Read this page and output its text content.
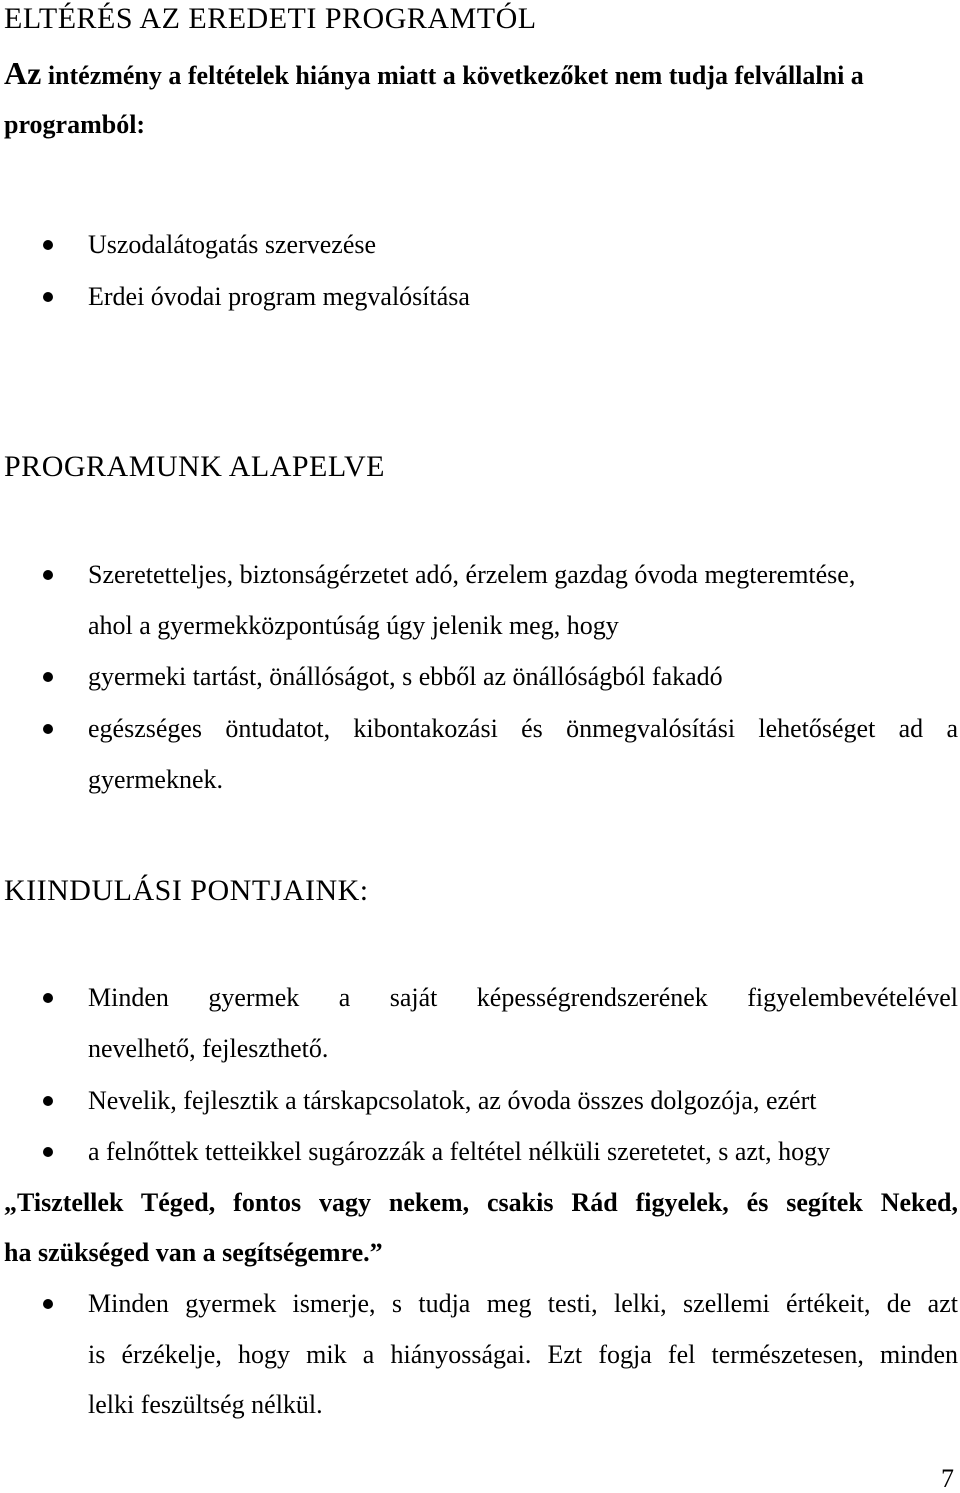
ELTÉRÉS AZ EREDETI PROGRAMTÓL
Az intézmény a feltételek hiánya miatt a következőket nem tudja felvállalni a
programból:
Uszodalátogatás szervezése
Erdei óvodai program megvalósítása
PROGRAMUNK ALAPELVE
Szeretetteljes, biztonságérzetet adó, érzelem gazdag óvoda megteremtése,
ahol a gyermekközpontúság úgy jelenik meg, hogy
gyermeki tartást, önállóságot, s ebből az önállóságból fakadó
egészséges öntudatot, kibontakozási és önmegvalósítási lehetőséget ad a
gyermeknek.
KIINDULÁSI PONTJAINK:
Minden gyermek a saját képességrendszerének figyelembevételével
nevelhető, fejleszthető.
Nevelik, fejlesztik a társkapcsolatok, az óvoda összes dolgozója, ezért
a felnőttek tetteikkel sugározzák a feltétel nélküli szeretetet, s azt, hogy
„Tisztellek Téged, fontos vagy nekem, csakis Rád figyelek, és segítek Neked,
ha szükséged van a segítségemre.”
Minden gyermek ismerje, s tudja meg testi, lelki, szellemi értékeit, de azt
is érzékelje, hogy mik a hiányosságai. Ezt fogja fel természetesen, minden
lelki feszültség nélkül.
7
